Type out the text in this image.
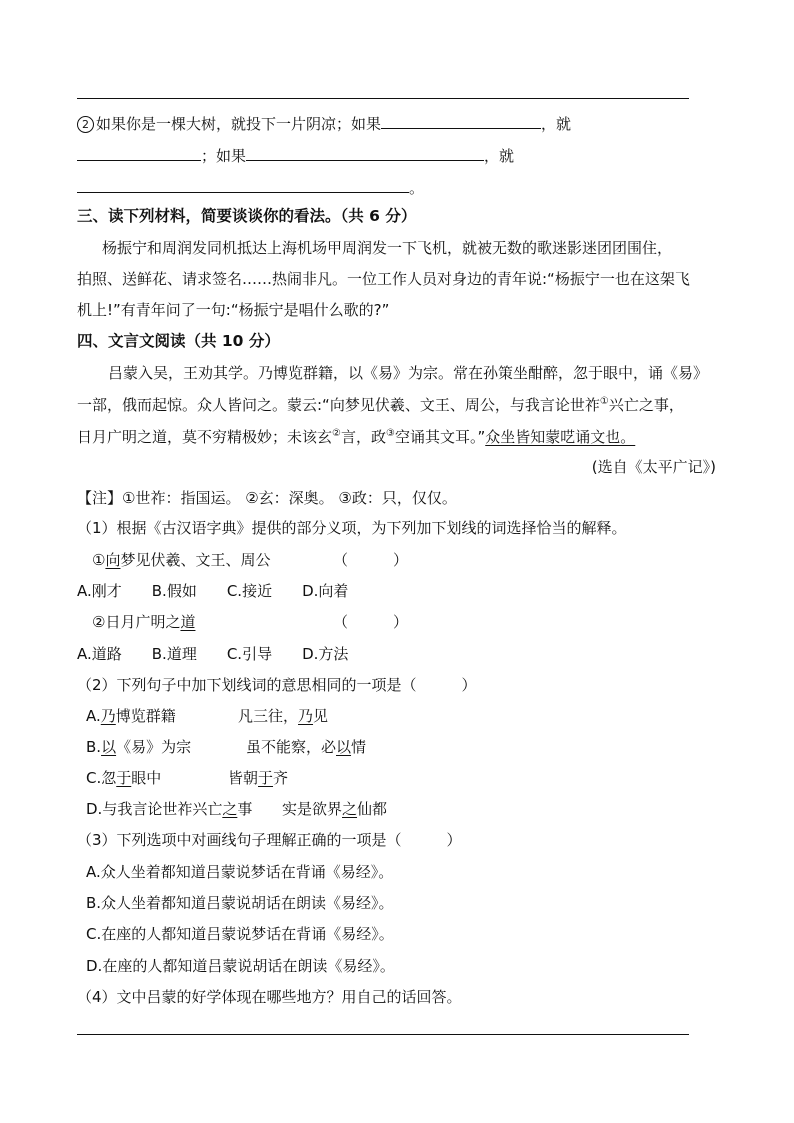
2 如果你是一棵大树，就投下一片阴凉；如果	，就
；如果	，就
。
三、读下列材料，简要谈谈你的看法。（共 6 分）
杨振宁和周润发同机抵达上海机场甲周润发一下飞机，就被无数的歌迷影迷团团围住，
拍照、送鲜花、请求签名……热闹非凡。一位工作人员对身边的青年说:“杨振宁一也在这架飞
机上!”有青年问了一句:“杨振宁是唱什么歌的?”
四、文言文阅读（共 10 分）
吕蒙入吴，王劝其学。乃博览群籍，以《易》为宗。常在孙策坐酣醉，忽于眼中，诵《易》
一部，俄而起惊。众人皆问之。蒙云:“向梦见伏羲、文王、周公，与我言论世祚①兴亡之事，
日月广明之道，莫不穷精极妙；未该玄②言，政③空诵其文耳。”众坐皆知蒙呓诵文也。
(选自《太平广记》)
【注】①世祚：指国运。 ②玄：深奥。 ③政：只，仅仅。
（1）根据《古汉语字典》提供的部分义项，为下列加下划线的词选择恰当的解释。
①向梦见伏羲、文王、周公	（　　　）
A.刚才　　B.假如　　C.接近　　D.向着
②日月广明之道	（　　　）
A.道路　　B.道理　　C.引导　　D.方法
（2）下列句子中加下划线词的意思相同的一项是（　　　）
A.乃博览群籍	凡三往，乃见
B.以《易》为宗	虽不能察，必以情
C.忽于眼中	皆朝于齐
D.与我言论世祚兴亡之事 实是欲界之仙都
（3）下列选项中对画线句子理解正确的一项是（　　　）
A.众人坐着都知道吕蒙说梦话在背诵《易经》。
B.众人坐着都知道吕蒙说胡话在朗读《易经》。
C.在座的人都知道吕蒙说梦话在背诵《易经》。
D.在座的人都知道吕蒙说胡话在朗读《易经》。
（4）文中吕蒙的好学体现在哪些地方？用自己的话回答。
